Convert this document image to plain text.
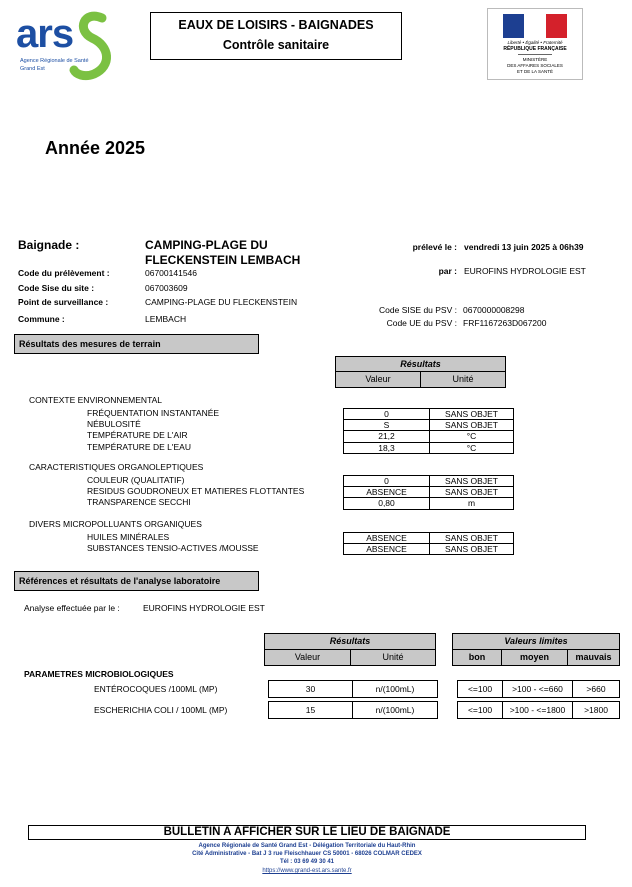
ars
Agence Régionale de Santé
Grand Est
EAUX DE LOISIRS - BAIGNADES
Contrôle sanitaire	Liberté • Égalité • Fraternité
RÉPUBLIQUE FRANÇAISE
MINISTÈRE
DES AFFAIRES SOCIALES
ET DE LA SANTÉ
Année 2025
Baignade :	CAMPING-PLAGE DU
FLECKENSTEIN LEMBACH
prélevé le : vendredi 13 juin 2025 à 06h39
par : EUROFINS HYDROLOGIE EST
Code du prélèvement :	06700141546
Code Sise du site :	067003609
Point de surveillance :	CAMPING-PLAGE DU FLECKENSTEIN
Commune :	LEMBACH
Code SISE du PSV : 0670000008298
Code UE du PSV : FRF1167263D067200
Résultats des mesures de terrain
Résultats
Valeur	Unité
CONTEXTE ENVIRONNEMENTAL
FRÉQUENTATION INSTANTANÉE	0	SANS OBJET
NÉBULOSITÉ	S	SANS OBJET
TEMPÉRATURE DE L'AIR	21,2	°C
TEMPÉRATURE DE L'EAU	18,3	°C
CARACTERISTIQUES ORGANOLEPTIQUES
COULEUR (QUALITATIF)	0	SANS OBJET
RESIDUS GOUDRONEUX ET MATIERES FLOTTANTES	ABSENCE	SANS OBJET
TRANSPARENCE SECCHI	0,80	m
DIVERS MICROPOLLUANTS ORGANIQUES
HUILES MINÉRALES	ABSENCE	SANS OBJET
SUBSTANCES TENSIO-ACTIVES /MOUSSE	ABSENCE	SANS OBJET
Références et résultats de l'analyse laboratoire
Analyse effectuée par le :	EUROFINS HYDROLOGIE EST
Résultats
Valeur	Unité
Valeurs limites
bon	moyen	mauvais
PARAMETRES MICROBIOLOGIQUES
ENTÉROCOQUES /100ML (MP)	30	n/(100mL)	<=100	>100 - <=660	>660
ESCHERICHIA COLI / 100ML (MP)	15	n/(100mL)	<=100	>100 - <=1800	>1800
BULLETIN A AFFICHER SUR LE LIEU DE BAIGNADE
Agence Régionale de Santé Grand Est - Délégation Territoriale du Haut-Rhin
Cité Administrative - Bat J 3 rue Fleischhauer CS 50001 - 68026 COLMAR CEDEX
Tél : 03 69 49 30 41
https://www.grand-est.ars.sante.fr
